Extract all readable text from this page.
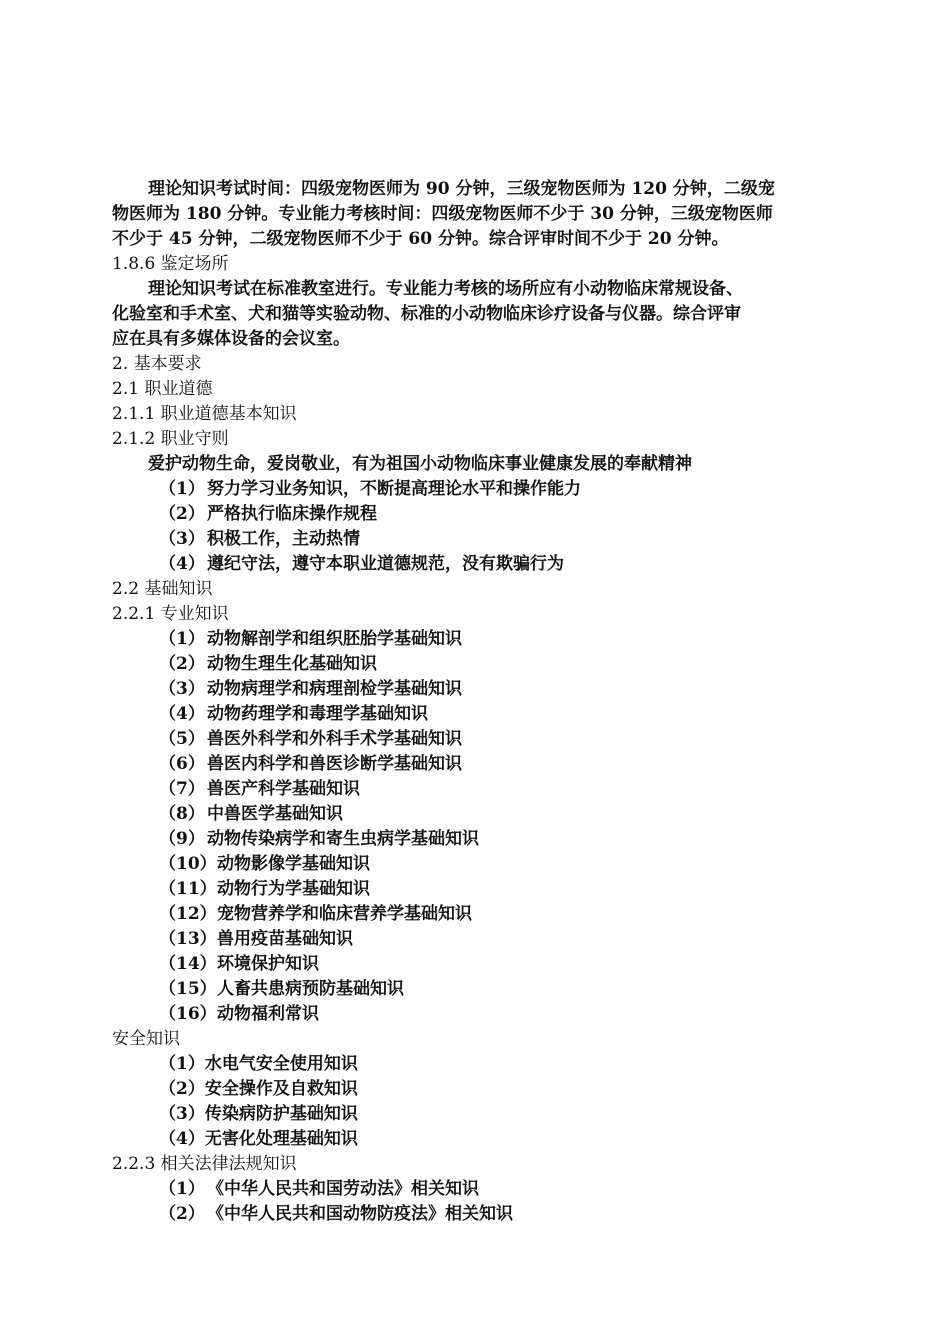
理论知识考试时间：四级宠物医师为 90 分钟，三级宠物医师为 120 分钟，二级宠
物医师为 180 分钟。专业能力考核时间：四级宠物医师不少于 30 分钟，三级宠物医师
不少于 45 分钟，二级宠物医师不少于 60 分钟。综合评审时间不少于 20 分钟。
1.8.6 鉴定场所
理论知识考试在标准教室进行。专业能力考核的场所应有小动物临床常规设备、
化验室和手术室、犬和猫等实验动物、标准的小动物临床诊疗设备与仪器。综合评审
应在具有多媒体设备的会议室。
2. 基本要求
2.1 职业道德
2.1.1 职业道德基本知识
2.1.2 职业守则
爱护动物生命，爱岗敬业，有为祖国小动物临床事业健康发展的奉献精神
（1） 努力学习业务知识，不断提高理论水平和操作能力
（2） 严格执行临床操作规程
（3） 积极工作，主动热情
（4） 遵纪守法，遵守本职业道德规范，没有欺骗行为
2.2 基础知识
2.2.1 专业知识
（1） 动物解剖学和组织胚胎学基础知识
（2） 动物生理生化基础知识
（3） 动物病理学和病理剖检学基础知识
（4） 动物药理学和毒理学基础知识
（5） 兽医外科学和外科手术学基础知识
（6） 兽医内科学和兽医诊断学基础知识
（7） 兽医产科学基础知识
（8） 中兽医学基础知识
（9） 动物传染病学和寄生虫病学基础知识
（10）动物影像学基础知识
（11）动物行为学基础知识
（12）宠物营养学和临床营养学基础知识
（13）兽用疫苗基础知识
（14）环境保护知识
（15）人畜共患病预防基础知识
（16）动物福利常识
安全知识
（1）水电气安全使用知识
（2）安全操作及自救知识
（3）传染病防护基础知识
（4）无害化处理基础知识
2.2.3 相关法律法规知识
（1） 《中华人民共和国劳动法》相关知识
（2） 《中华人民共和国动物防疫法》相关知识
